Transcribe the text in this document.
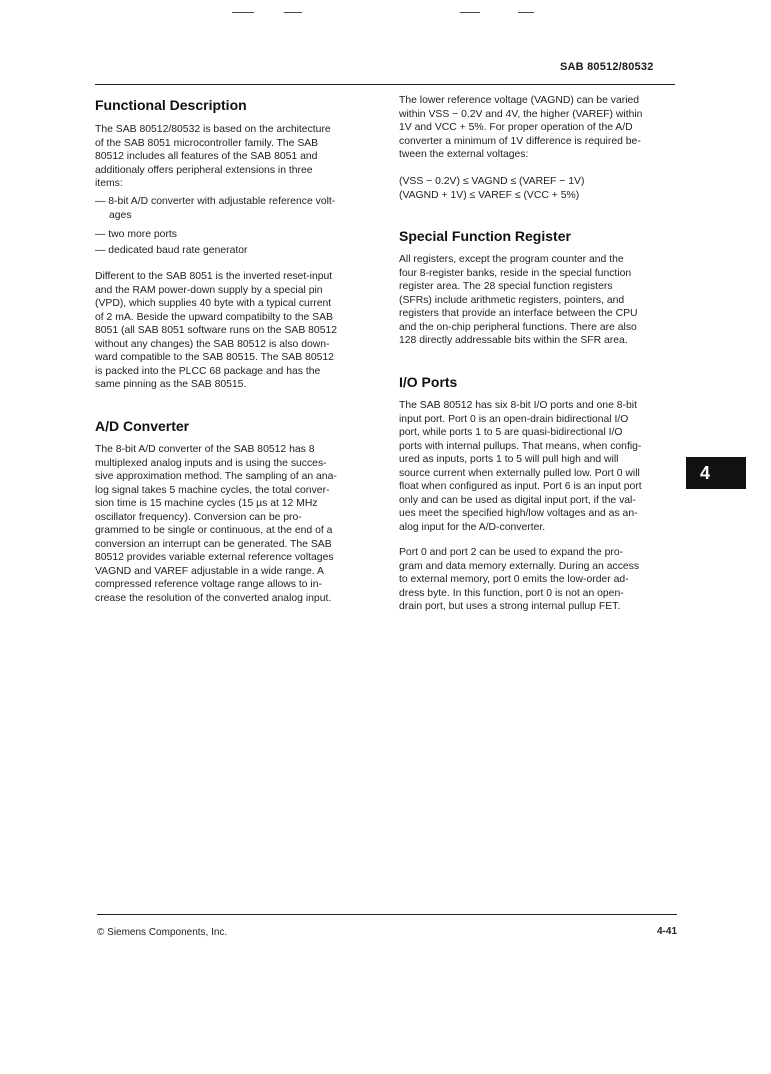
SAB 80512/80532
Functional Description
The SAB 80512/80532 is based on the architecture
of the SAB 8051 microcontroller family. The SAB
80512 includes all features of the SAB 8051 and
additionaly offers peripheral extensions in three
items:
— 8-bit A/D converter with adjustable reference volt-
ages
— two more ports
— dedicated baud rate generator
Different to the SAB 8051 is the inverted reset-input
and the RAM power-down supply by a special pin
(VPD), which supplies 40 byte with a typical current
of 2 mA. Beside the upward compatibilty to the SAB
8051 (all SAB 8051 software runs on the SAB 80512
without any changes) the SAB 80512 is also down-
ward compatible to the SAB 80515. The SAB 80512
is packed into the PLCC 68 package and has the
same pinning as the SAB 80515.
A/D Converter
The 8-bit A/D converter of the SAB 80512 has 8
multiplexed analog inputs and is using the succes-
sive approximation method. The sampling of an ana-
log signal takes 5 machine cycles, the total conver-
sion time is 15 machine cycles (15 µs at 12 MHz
oscillator frequency). Conversion can be pro-
grammed to be single or continuous, at the end of a
conversion an interrupt can be generated. The SAB
80512 provides variable external reference voltages
VAGND and VAREF adjustable in a wide range. A
compressed reference voltage range allows to in-
crease the resolution of the converted analog input.
The lower reference voltage (VAGND) can be varied
within VSS − 0.2V and 4V, the higher (VAREF) within
1V and VCC + 5%. For proper operation of the A/D
converter a minimum of 1V difference is required be-
tween the external voltages:
(VSS − 0.2V) ≤ VAGND ≤ (VAREF − 1V)
(VAGND + 1V) ≤ VAREF ≤ (VCC + 5%)
Special Function Register
All registers, except the program counter and the
four 8-register banks, reside in the special function
register area. The 28 special function registers
(SFRs) include arithmetic registers, pointers, and
registers that provide an interface between the CPU
and the on-chip peripheral functions. There are also
128 directly addressable bits within the SFR area.
I/O Ports
The SAB 80512 has six 8-bit I/O ports and one 8-bit
input port. Port 0 is an open-drain bidirectional I/O
port, while ports 1 to 5 are quasi-bidirectional I/O
ports with internal pullups. That means, when config-
ured as inputs, ports 1 to 5 will pull high and will
source current when externally pulled low. Port 0 will
float when configured as input. Port 6 is an input port
only and can be used as digital input port, if the val-
ues meet the specified high/low voltages and as an-
alog input for the A/D-converter.
Port 0 and port 2 can be used to expand the pro-
gram and data memory externally. During an access
to external memory, port 0 emits the low-order ad-
dress byte. In this function, port 0 is not an open-
drain port, but uses a strong internal pullup FET.
4
© Siemens Components, Inc.	4-41
